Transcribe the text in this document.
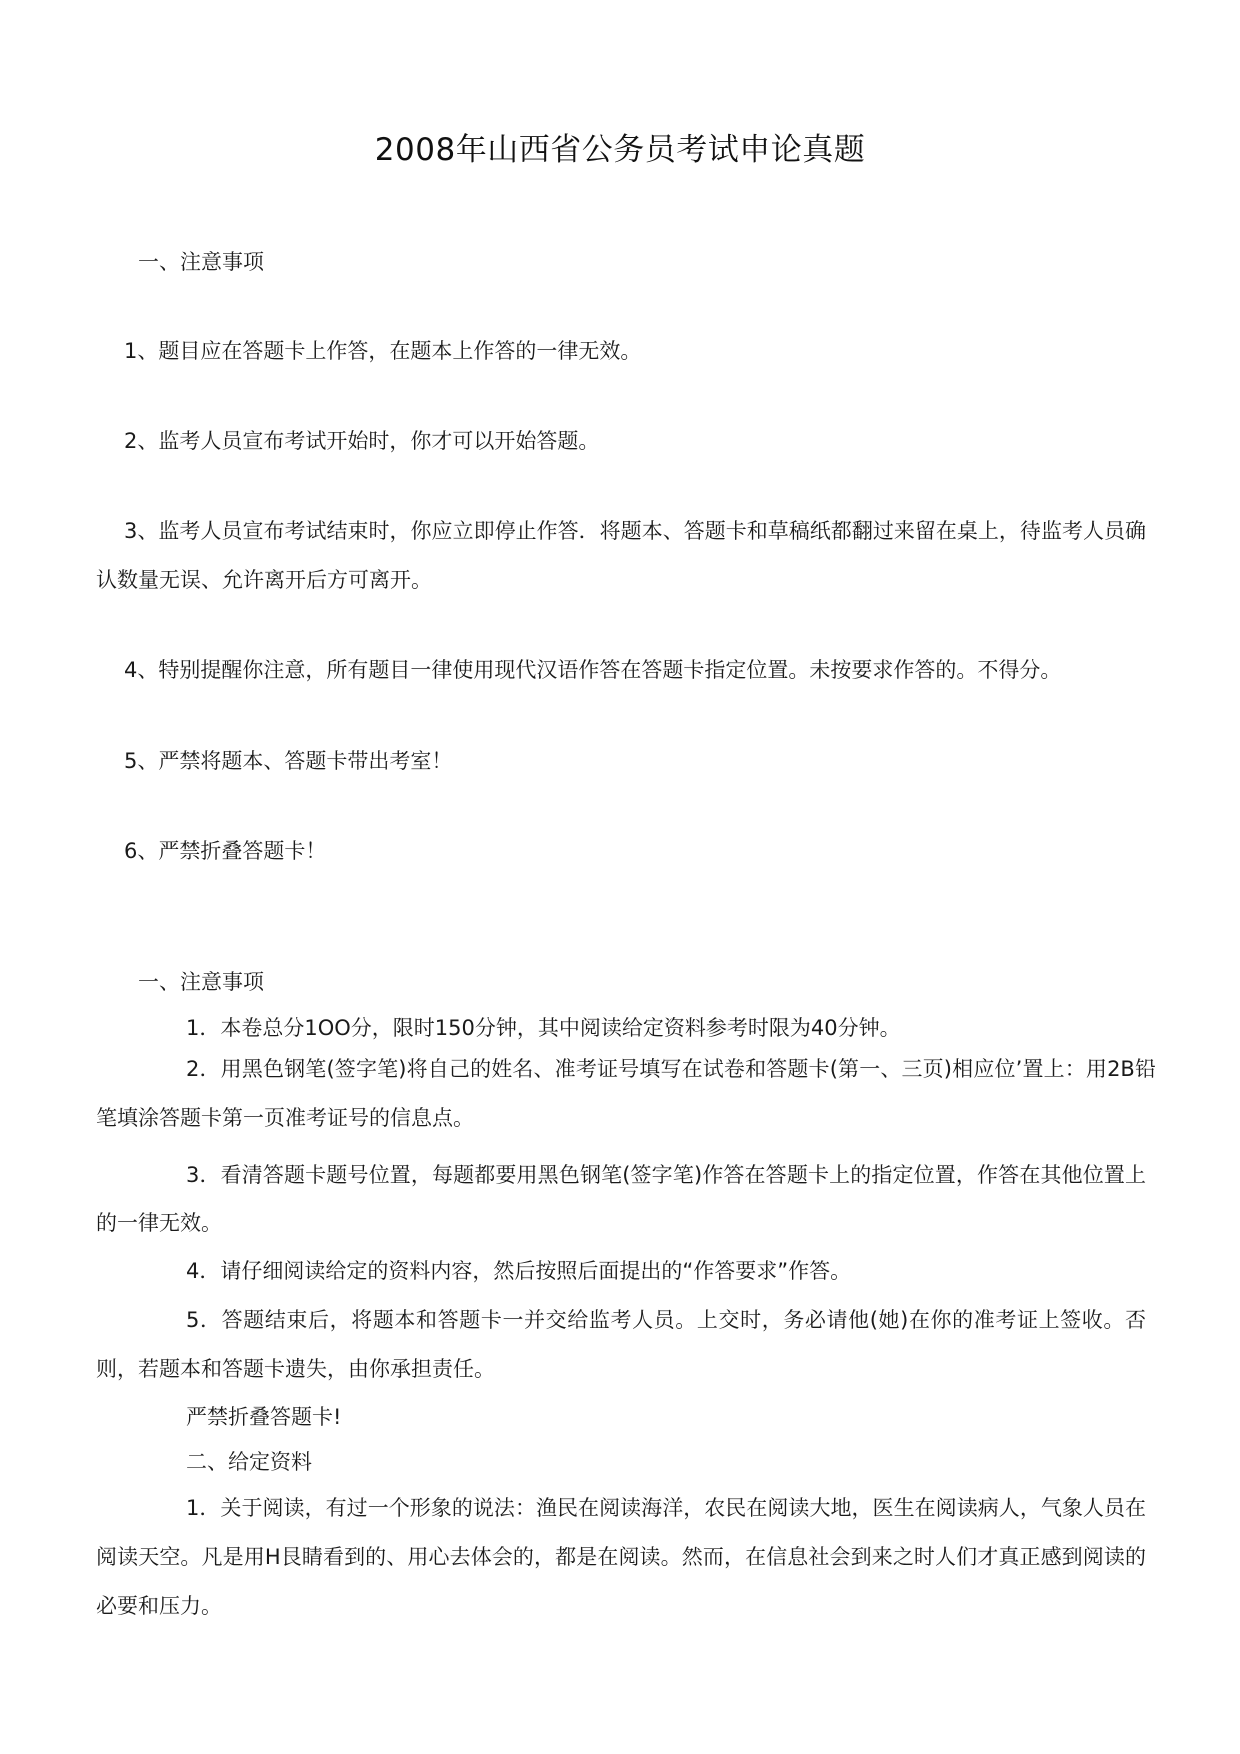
2008年山西省公务员考试申论真题
一、注意事项
1、题目应在答题卡上作答，在题本上作答的一律无效。
2、监考人员宣布考试开始时，你才可以开始答题。
3、监考人员宣布考试结束时，你应立即停止作答．将题本、答题卡和草稿纸都翻过来留在桌上，待监考人员确认数量无误、允许离开后方可离开。
4、特别提醒你注意，所有题目一律使用现代汉语作答在答题卡指定位置。未按要求作答的。不得分。
5、严禁将题本、答题卡带出考室！
6、严禁折叠答题卡！
一、注意事项
1．本卷总分1OO分，限时150分钟，其中阅读给定资料参考时限为40分钟。
2．用黑色钢笔(签字笔)将自己的姓名、准考证号填写在试卷和答题卡(第一、三页)相应位’置上：用2B铅笔填涂答题卡第一页准考证号的信息点。
3．看清答题卡题号位置，每题都要用黑色钢笔(签字笔)作答在答题卡上的指定位置，作答在其他位置上的一律无效。
4．请仔细阅读给定的资料内容，然后按照后面提出的“作答要求”作答。
5．答题结束后，将题本和答题卡一并交给监考人员。上交时，务必请他(她)在你的准考证上签收。否则，若题本和答题卡遗失，由你承担责任。
严禁折叠答题卡!
二、给定资料
1．关于阅读，有过一个形象的说法：渔民在阅读海洋，农民在阅读大地，医生在阅读病人，气象人员在阅读天空。凡是用H艮睛看到的、用心去体会的，都是在阅读。然而，在信息社会到来之时人们才真正感到阅读的必要和压力。
